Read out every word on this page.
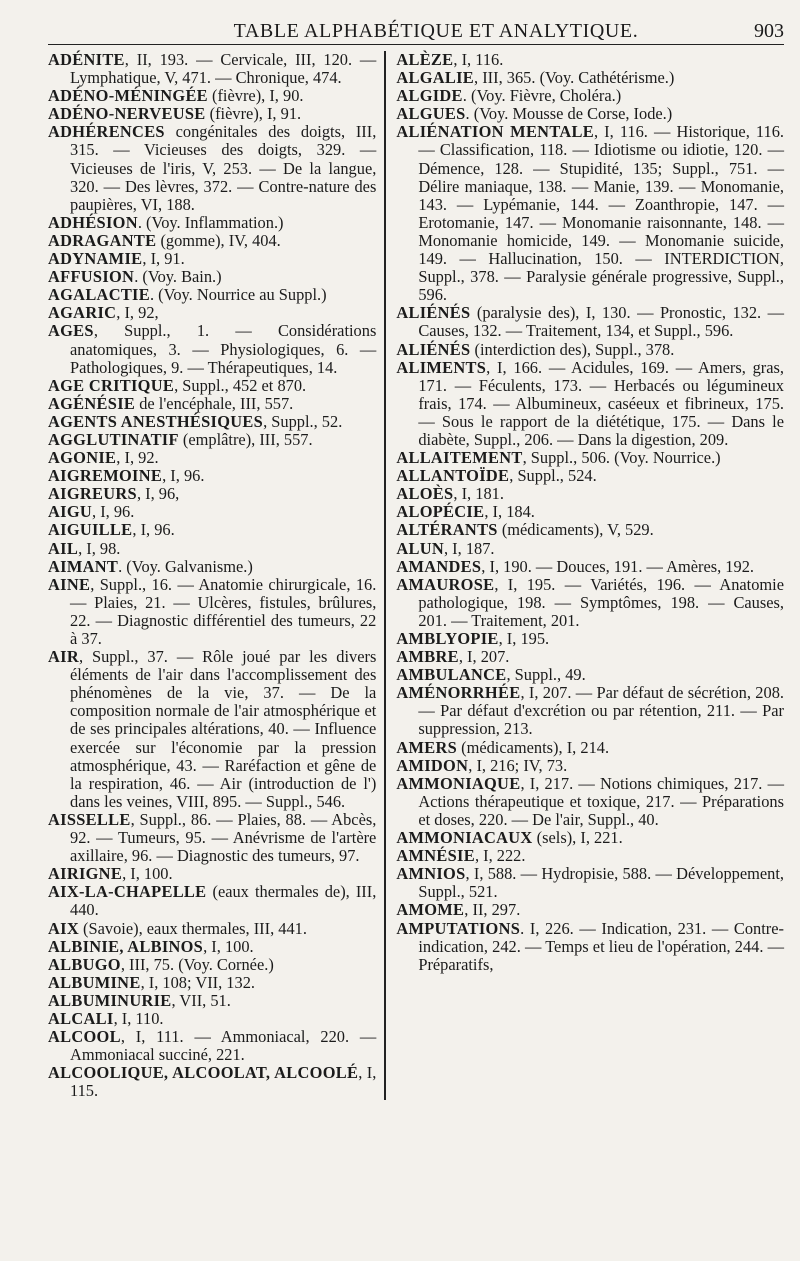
TABLE ALPHABÉTIQUE ET ANALYTIQUE.	903

ADÉNITE, II, 193. — Cervicale, III, 120. — Lymphatique, V, 471. — Chronique, 474.

ADÉNO-MÉNINGÉE (fièvre), I, 90.

ADÉNO-NERVEUSE (fièvre), I, 91.

ADHÉRENCES congénitales des doigts, III, 315. — Vicieuses des doigts, 329. — Vicieuses de l'iris, V, 253. — De la langue, 320. — Des lèvres, 372. — Contre-nature des paupières, VI, 188.

ADHÉSION. (Voy. Inflammation.)

ADRAGANTE (gomme), IV, 404.

ADYNAMIE, I, 91.

AFFUSION. (Voy. Bain.)

AGALACTIE. (Voy. Nourrice au Suppl.)

AGARIC, I, 92,

AGES, Suppl., 1. — Considérations anatomiques, 3. — Physiologiques, 6. — Pathologiques, 9. — Thérapeutiques, 14.

AGE CRITIQUE, Suppl., 452 et 870.

AGÉNÉSIE de l'encéphale, III, 557.

AGENTS ANESTHÉSIQUES, Suppl., 52.

AGGLUTINATIF (emplâtre), III, 557.

AGONIE, I, 92.

AIGREMOINE, I, 96.

AIGREURS, I, 96,

AIGU, I, 96.

AIGUILLE, I, 96.

AIL, I, 98.

AIMANT. (Voy. Galvanisme.)

AINE, Suppl., 16. — Anatomie chirurgicale, 16. — Plaies, 21. — Ulcères, fistules, brûlures, 22. — Diagnostic différentiel des tumeurs, 22 à 37.

AIR, Suppl., 37. — Rôle joué par les divers éléments de l'air dans l'accomplissement des phénomènes de la vie, 37. — De la composition normale de l'air atmosphérique et de ses principales altérations, 40. — Influence exercée sur l'économie par la pression atmosphérique, 43. — Raréfaction et gêne de la respiration, 46. — Air (introduction de l') dans les veines, VIII, 895. — Suppl., 546.

AISSELLE, Suppl., 86. — Plaies, 88. — Abcès, 92. — Tumeurs, 95. — Anévrisme de l'artère axillaire, 96. — Diagnostic des tumeurs, 97.

AIRIGNE, I, 100.

AIX-LA-CHAPELLE (eaux thermales de), III, 440.

AIX (Savoie), eaux thermales, III, 441.

ALBINIE, ALBINOS, I, 100.

ALBUGO, III, 75. (Voy. Cornée.)

ALBUMINE, I, 108; VII, 132.

ALBUMINURIE, VII, 51.

ALCALI, I, 110.

ALCOOL, I, 111. — Ammoniacal, 220. — Ammoniacal succiné, 221.

ALCOOLIQUE, ALCOOLAT, ALCOOLÉ, I, 115.

ALÈZE, I, 116.

ALGALIE, III, 365. (Voy. Cathétérisme.)

ALGIDE. (Voy. Fièvre, Choléra.)

ALGUES. (Voy. Mousse de Corse, Iode.)

ALIÉNATION MENTALE, I, 116. — Historique, 116. — Classification, 118. — Idiotisme ou idiotie, 120. — Démence, 128. — Stupidité, 135; Suppl., 751. — Délire maniaque, 138. — Manie, 139. — Monomanie, 143. — Lypémanie, 144. — Zoanthropie, 147. — Erotomanie, 147. — Monomanie raisonnante, 148. — Monomanie homicide, 149. — Monomanie suicide, 149. — Hallucination, 150. — INTERDICTION, Suppl., 378. — Paralysie générale progressive, Suppl., 596.

ALIÉNÉS (paralysie des), I, 130. — Pronostic, 132. — Causes, 132. — Traitement, 134, et Suppl., 596.

ALIÉNÉS (interdiction des), Suppl., 378.

ALIMENTS, I, 166. — Acidules, 169. — Amers, gras, 171. — Féculents, 173. — Herbacés ou légumineux frais, 174. — Albumineux, caséeux et fibrineux, 175. — Sous le rapport de la diététique, 175. — Dans le diabète, Suppl., 206. — Dans la digestion, 209.

ALLAITEMENT, Suppl., 506. (Voy. Nourrice.)

ALLANTOÏDE, Suppl., 524.

ALOÈS, I, 181.

ALOPÉCIE, I, 184.

ALTÉRANTS (médicaments), V, 529.

ALUN, I, 187.

AMANDES, I, 190. — Douces, 191. — Amères, 192.

AMAUROSE, I, 195. — Variétés, 196. — Anatomie pathologique, 198. — Symptômes, 198. — Causes, 201. — Traitement, 201.

AMBLYOPIE, I, 195.

AMBRE, I, 207.

AMBULANCE, Suppl., 49.

AMÉNORRHÉE, I, 207. — Par défaut de sécrétion, 208. — Par défaut d'excrétion ou par rétention, 211. — Par suppression, 213.

AMERS (médicaments), I, 214.

AMIDON, I, 216; IV, 73.

AMMONIAQUE, I, 217. — Notions chimiques, 217. — Actions thérapeutique et toxique, 217. — Préparations et doses, 220. — De l'air, Suppl., 40.

AMMONIACAUX (sels), I, 221.

AMNÉSIE, I, 222.

AMNIOS, I, 588. — Hydropisie, 588. — Développement, Suppl., 521.

AMOME, II, 297.

AMPUTATIONS. I, 226. — Indication, 231. — Contre-indication, 242. — Temps et lieu de l'opération, 244. — Préparatifs,
